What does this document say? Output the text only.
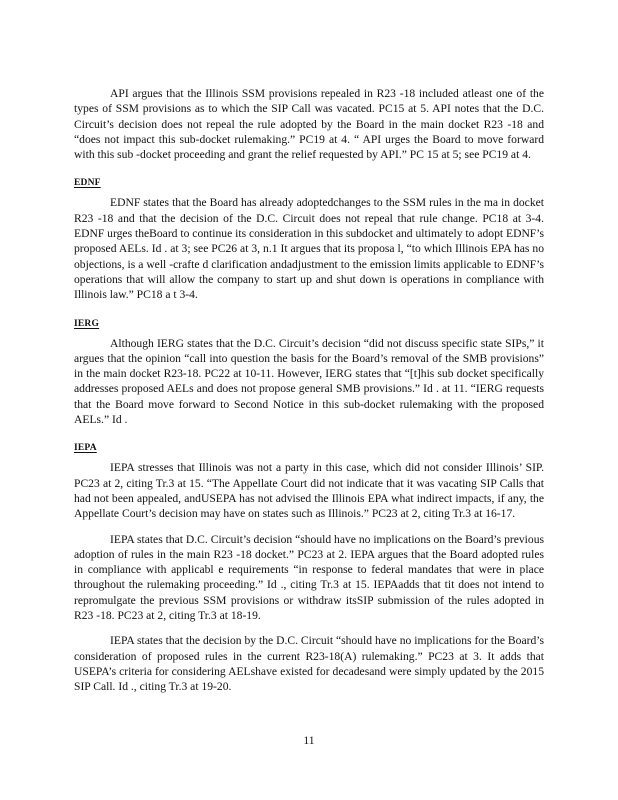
API argues that the Illinois SSM provisions repealed in R23 -18 included atleast one of the types of SSM provisions as to which the SIP Call was vacated. PC15 at 5. API notes that the D.C. Circuit’s decision does not repeal the rule adopted by the Board in the main docket R23 -18 and “does not impact this sub-docket rulemaking.” PC19 at 4. “ API urges the Board to move forward with this sub -docket proceeding and grant the relief requested by API.” PC 15 at 5; see PC19 at 4.

EDNF

EDNF states that the Board has already adoptedchanges to the SSM rules in the ma in docket R23 -18 and that the decision of the D.C. Circuit does not repeal that rule change. PC18 at 3-4. EDNF urges theBoard to continue its consideration in this subdocket and ultimately to adopt EDNF’s proposed AELs. Id . at 3; see PC26 at 3, n.1 It argues that its proposa l, “to which Illinois EPA has no objections, is a well -crafte d clarification andadjustment to the emission limits applicable to EDNF’s operations that will allow the company to start up and shut down is operations in compliance with Illinois law.” PC18 a t 3-4.

IERG

Although IERG states that the D.C. Circuit’s decision “did not discuss specific state SIPs,” it argues that the opinion “call into question the basis for the Board’s removal of the SMB provisions” in the main docket R23-18. PC22 at 10-11. However, IERG states that “[t]his sub docket specifically addresses proposed AELs and does not propose general SMB provisions.” Id . at 11. “IERG requests that the Board move forward to Second Notice in this sub-docket rulemaking with the proposed AELs.” Id .

IEPA

IEPA stresses that Illinois was not a party in this case, which did not consider Illinois’ SIP. PC23 at 2, citing Tr.3 at 15. “The Appellate Court did not indicate that it was vacating SIP Calls that had not been appealed, andUSEPA has not advised the Illinois EPA what indirect impacts, if any, the Appellate Court’s decision may have on states such as Illinois.” PC23 at 2, citing Tr.3 at 16-17.

IEPA states that D.C. Circuit’s decision “should have no implications on the Board’s previous adoption of rules in the main R23 -18 docket.” PC23 at 2. IEPA argues that the Board adopted rules in compliance with applicabl e requirements “in response to federal mandates that were in place throughout the rulemaking proceeding.” Id ., citing Tr.3 at 15. IEPAadds that tit does not intend to repromulgate the previous SSM provisions or withdraw itsSIP submission of the rules adopted in R23 -18. PC23 at 2, citing Tr.3 at 18-19.

IEPA states that the decision by the D.C. Circuit “should have no implications for the Board’s consideration of proposed rules in the current R23-18(A) rulemaking.” PC23 at 3. It adds that USEPA’s criteria for considering AELshave existed for decadesand were simply updated by the 2015 SIP Call. Id ., citing Tr.3 at 19-20.

11
